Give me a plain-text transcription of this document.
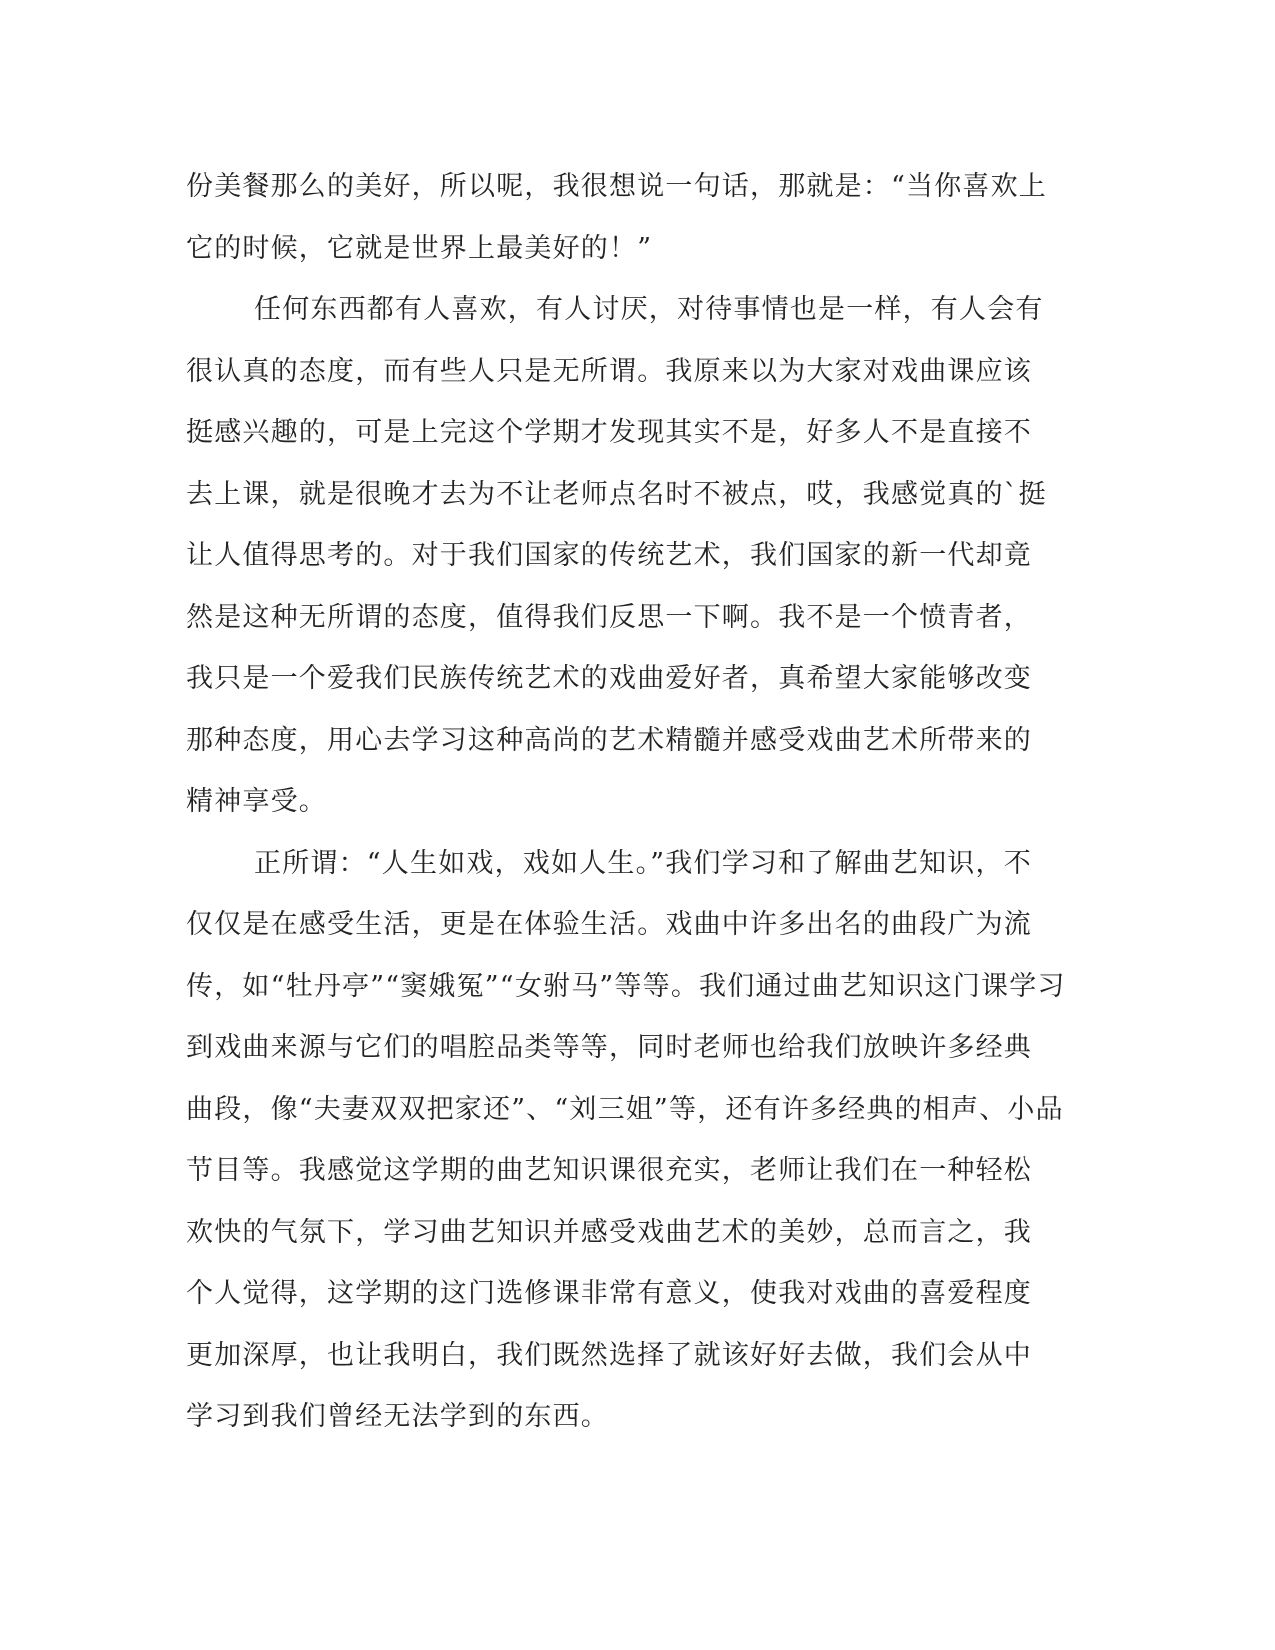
份美餐那么的美好，所以呢，我很想说一句话，那就是：“当你喜欢上
它的时候，它就是世界上最美好的！”
任何东西都有人喜欢，有人讨厌，对待事情也是一样，有人会有
很认真的态度，而有些人只是无所谓。我原来以为大家对戏曲课应该
挺感兴趣的，可是上完这个学期才发现其实不是，好多人不是直接不
去上课，就是很晚才去为不让老师点名时不被点，哎，我感觉真的`挺
让人值得思考的。对于我们国家的传统艺术，我们国家的新一代却竟
然是这种无所谓的态度，值得我们反思一下啊。我不是一个愤青者，
我只是一个爱我们民族传统艺术的戏曲爱好者，真希望大家能够改变
那种态度，用心去学习这种高尚的艺术精髓并感受戏曲艺术所带来的
精神享受。
正所谓：“人生如戏，戏如人生。”我们学习和了解曲艺知识，不
仅仅是在感受生活，更是在体验生活。戏曲中许多出名的曲段广为流
传，如“牡丹亭”“窦娥冤”“女驸马”等等。我们通过曲艺知识这门课学习
到戏曲来源与它们的唱腔品类等等，同时老师也给我们放映许多经典
曲段，像“夫妻双双把家还”、“刘三姐”等，还有许多经典的相声、小品
节目等。我感觉这学期的曲艺知识课很充实，老师让我们在一种轻松
欢快的气氛下，学习曲艺知识并感受戏曲艺术的美妙，总而言之，我
个人觉得，这学期的这门选修课非常有意义，使我对戏曲的喜爱程度
更加深厚，也让我明白，我们既然选择了就该好好去做，我们会从中
学习到我们曾经无法学到的东西。
